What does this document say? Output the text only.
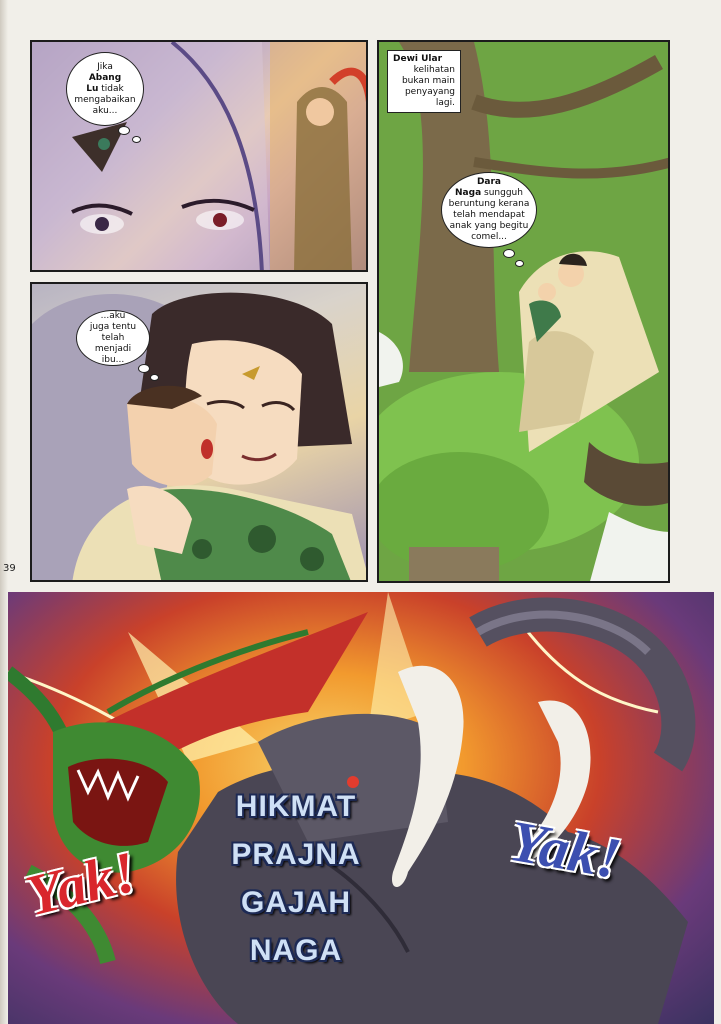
Jika
Abang
Lu tidak
mengabaikan
aku...
Dewi Ular
kelihatan
bukan main
penyayang
lagi.
Dara
Naga sungguh
beruntung kerana
telah mendapat
anak yang begitu
comel...
...aku
juga tentu
telah menjadi
ibu...
39
HIKMAT
PRAJNA
GAJAH
NAGA
Yak!	Yak!
